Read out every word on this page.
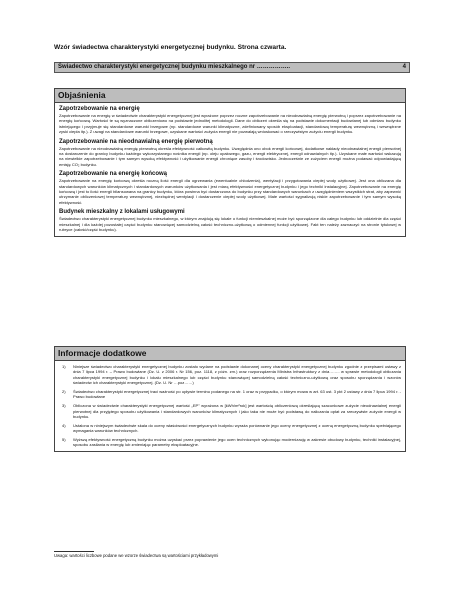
Wzór świadectwa charakterystyki energetycznej budynku. Strona czwarta.
Świadectwo charakterystyki energetycznej budynku mieszkalnego nr ……………..	4
Objaśnienia
Zapotrzebowanie na energię

Zapotrzebowanie na energię w świadectwie charakterystyki energetycznej jest wyrażone poprzez roczne zapotrzebowanie na nieodnawialną energię pierwotną i poprzez zapotrzebowanie na energię końcową. Wartości te są wyznaczone obliczeniowo na podstawie jednolitej metodologii. Dane do obliczeń określa się na podstawie dokumentacji budowlanej lub odmiaru budynku istniejącego i przyjmuje się standardowe warunki brzegowe (np. standardowe warunki klimatyczne, zdefiniowany sposób eksploatacji, standardową temperaturę wewnętrzną i wewnętrzne zyski ciepła itp.). Z uwagi na standardowe warunki brzegowe, uzyskane wartości zużycia energii nie pozwalają wnioskować o rzeczywistym zużyciu energii budynku.

Zapotrzebowanie na nieodnawialną energię pierwotną

Zapotrzebowanie na nieodnawialną energię pierwotną określa efektywność całkowitą budynku. Uwzględnia ono obok energii końcowej, dodatkowe nakłady nieodnawialnej energii pierwotnej na dostarczenie do granicy budynku każdego wykorzystanego nośnika energii (np. oleju opałowego, gazu, energii elektrycznej, energii odnawialnych itp.). Uzyskane małe wartości wskazują na niewielkie zapotrzebowanie i tym samym wysoką efektywność i użytkowanie energii chroniące zasoby i środowisko. Jednocześnie ze zużyciem energii można podawać odpowiadającą emisję CO₂ budynku.

Zapotrzebowanie na energię końcową

Zapotrzebowanie na energię końcową określa roczną ilość energii dla ogrzewania (ewentualnie chłodzenia), wentylacji i przygotowania ciepłej wody użytkowej. Jest ona obliczana dla standardowych warunków klimatycznych i standardowych warunków użytkowania i jest miarą efektywności energetycznej budynku i jego techniki instalacyjnej. Zapotrzebowanie na energię końcową i jest to ilość energii bilansowana na granicy budynku, która powinna być dostarczona do budynku przy standardowych warunkach z uwzględnieniem wszystkich strat, aby zapewnić utrzymanie obliczeniowej temperatury wewnętrznej, niezbędnej wentylacji i dostarczenie ciepłej wody użytkowej. Małe wartości sygnalizują niskie zapotrzebowanie i tym samym wysoką efektywność.

Budynek mieszkalny z lokalami usługowymi

Świadectwo charakterystyki energetycznej budynku mieszkalnego, w którym znajdują się lokale o funkcji niemieszkalnej może być sporządzone dla całego budynku lub oddzielnie dla części mieszkalnej i dla każdej pozostałej części budynku stanowiącej samodzielną całość techniczno-użytkową o odmiennej funkcji użytkowej. Fakt ten należy zaznaczyć na stronie tytułowej w rubryce (całość/część budynku).

Informacje dodatkowe
1)	Niniejsze świadectwo charakterystyki energetycznej budynku zostało wydane na podstawie dokonanej oceny charakterystyki energetycznej budynku zgodnie z przepisami ustawy z dnia 7 lipca 1994 r. – Prawo budowlane (Dz. U. z 2006 r. Nr 156, poz. 1118, z późn. zm.) oraz rozporządzenia Ministra Infrastruktury z dnia…….. w sprawie metodologii obliczania charakterystyki energetycznej budynku i lokalu mieszkalnego lub części budynku stanowiącej samodzielną całość techniczno-użytkową oraz sposobu sporządzania i wzorów świadectw ich charakterystyki energetycznej. (Dz. U. Nr …poz……)
2)	Świadectwo charakterystyki energetycznej traci ważność po upływie terminu podanego na str. 1 oraz w przypadku, o którym mowa w art. 63 ust. 3 pkt 2 ustawy z dnia 7 lipca 1994 r. - Prawo budowlane
3)	Obliczona w świadectwie charakterystyki energetycznej wartość „EP” wyrażona w [kWh/m²rok] jest wartością obliczeniową określającą szacunkowe zużycie nieodnawialnej energii pierwotnej dla przyjętego sposobu użytkowania i standardowych warunków klimatycznych i jako taka nie może być podstawą do naliczania opłat za rzeczywiste zużycie energii w budynku.
4)	Ustalona w niniejszym świadectwie skala do oceny właściwości energetycznych budynku wyraża porównanie jego oceny energetycznej z oceną energetyczną budynku spełniającego wymagania warunków technicznych.
5)	Wyższą efektywność energetyczną budynku można uzyskać przez poprawienie jego ocen technicznych wykonując modernizację w zakresie obudowy budynku, techniki instalacyjnej, sposobu zasilania w energię lub zmieniając parametry eksploatacyjne.
Uwaga: wartości liczbowe podane we wzorze świadectwa są wartościami przykładowymi
